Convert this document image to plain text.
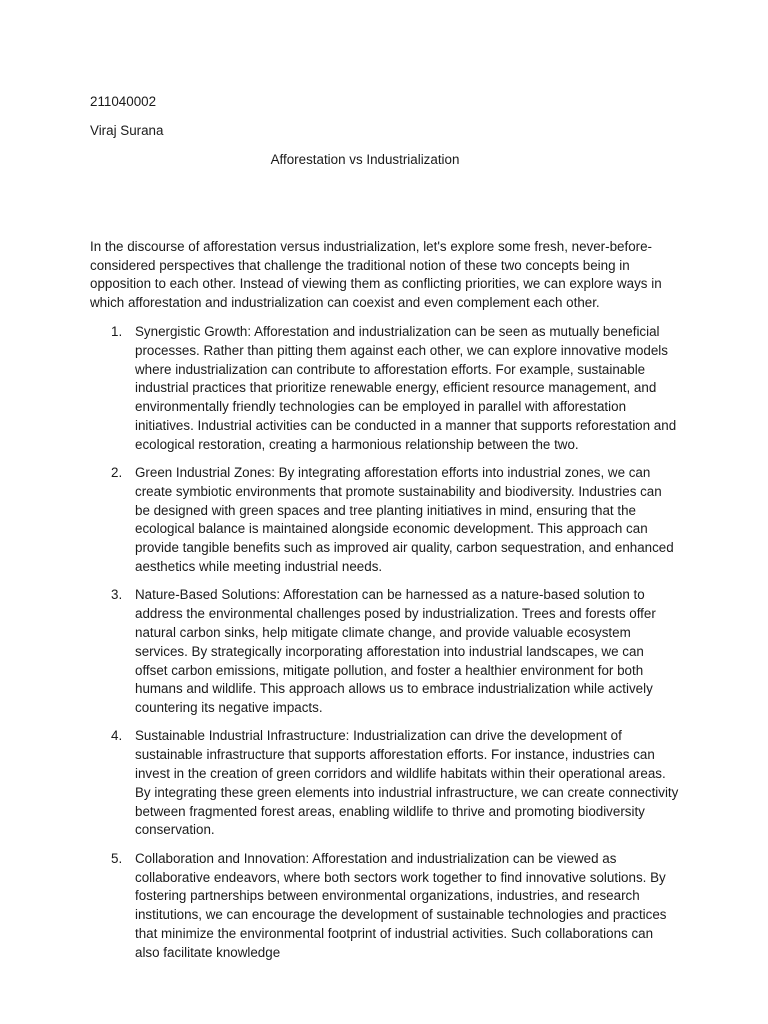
211040002
Viraj Surana
Afforestation vs Industrialization

In the discourse of afforestation versus industrialization, let's explore some fresh, never-before-considered perspectives that challenge the traditional notion of these two concepts being in opposition to each other. Instead of viewing them as conflicting priorities, we can explore ways in which afforestation and industrialization can coexist and even complement each other.

1. Synergistic Growth: Afforestation and industrialization can be seen as mutually beneficial processes. Rather than pitting them against each other, we can explore innovative models where industrialization can contribute to afforestation efforts. For example, sustainable industrial practices that prioritize renewable energy, efficient resource management, and environmentally friendly technologies can be employed in parallel with afforestation initiatives. Industrial activities can be conducted in a manner that supports reforestation and ecological restoration, creating a harmonious relationship between the two.
2. Green Industrial Zones: By integrating afforestation efforts into industrial zones, we can create symbiotic environments that promote sustainability and biodiversity. Industries can be designed with green spaces and tree planting initiatives in mind, ensuring that the ecological balance is maintained alongside economic development. This approach can provide tangible benefits such as improved air quality, carbon sequestration, and enhanced aesthetics while meeting industrial needs.
3. Nature-Based Solutions: Afforestation can be harnessed as a nature-based solution to address the environmental challenges posed by industrialization. Trees and forests offer natural carbon sinks, help mitigate climate change, and provide valuable ecosystem services. By strategically incorporating afforestation into industrial landscapes, we can offset carbon emissions, mitigate pollution, and foster a healthier environment for both humans and wildlife. This approach allows us to embrace industrialization while actively countering its negative impacts.
4. Sustainable Industrial Infrastructure: Industrialization can drive the development of sustainable infrastructure that supports afforestation efforts. For instance, industries can invest in the creation of green corridors and wildlife habitats within their operational areas. By integrating these green elements into industrial infrastructure, we can create connectivity between fragmented forest areas, enabling wildlife to thrive and promoting biodiversity conservation.
5. Collaboration and Innovation: Afforestation and industrialization can be viewed as collaborative endeavors, where both sectors work together to find innovative solutions. By fostering partnerships between environmental organizations, industries, and research institutions, we can encourage the development of sustainable technologies and practices that minimize the environmental footprint of industrial activities. Such collaborations can also facilitate knowledge
